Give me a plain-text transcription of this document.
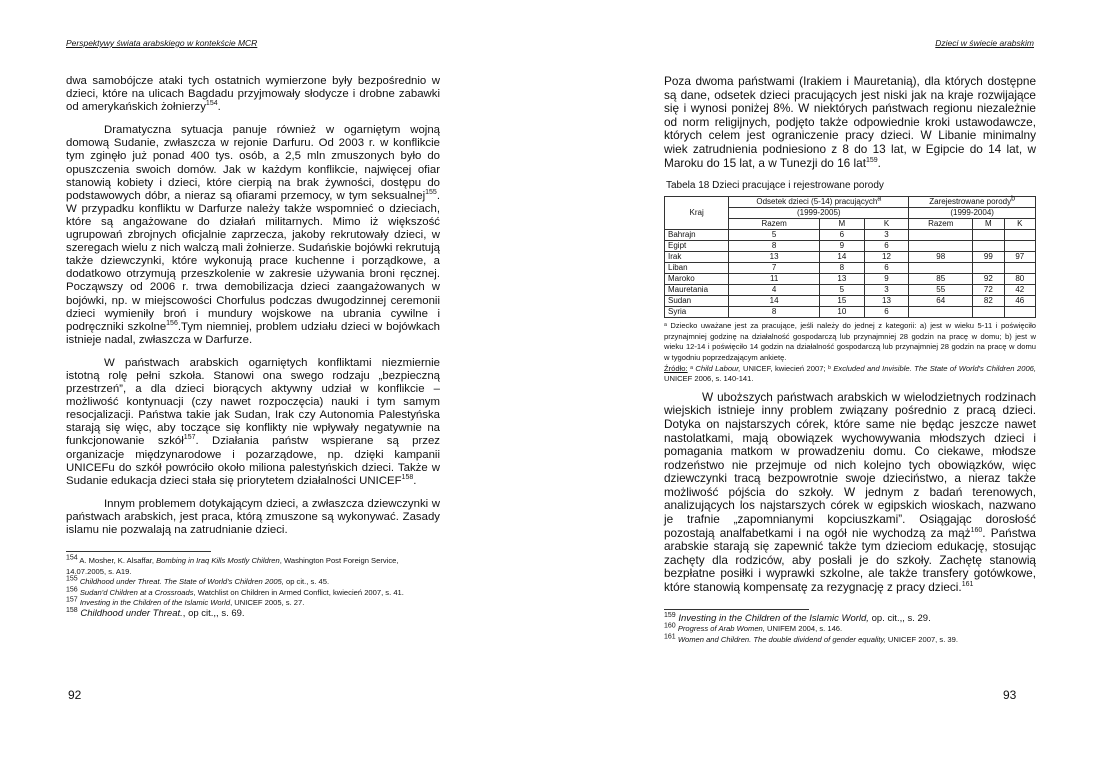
Perspektywy świata arabskiego w kontekście MCR

dwa samobójcze ataki tych ostatnich wymierzone były bezpośrednio w dzieci, które na ulicach Bagdadu przyjmowały słodycze i drobne zabawki od amerykańskich żołnierzy$^{154}$.

Dramatyczna sytuacja panuje również w ogarniętym wojną domową Sudanie, zwłaszcza w rejonie Darfuru. Od 2003 r. w konflikcie tym zginęło już ponad 400 tys. osób, a 2,5 mln zmuszonych było do opuszczenia swoich domów. Jak w każdym konflikcie, najwięcej ofiar stanowią kobiety i dzieci, które cierpią na brak żywności, dostępu do podstawowych dóbr, a nieraz są ofiarami przemocy, w tym seksualnej$^{155}$. W przypadku konfliktu w Darfurze należy także wspomnieć o dzieciach, które są angażowane do działań militarnych. Mimo iż większość ugrupowań zbrojnych oficjalnie zaprzecza, jakoby rekrutowały dzieci, w szeregach wielu z nich walczą mali żołnierze. Sudańskie bojówki rekrutują także dziewczynki, które wykonują prace kuchenne i porządkowe, a dodatkowo otrzymują przeszkolenie w zakresie używania broni ręcznej. Począwszy od 2006 r. trwa demobilizacja dzieci zaangażowanych w bojówki, np. w miejscowości Chorfulus podczas dwugodzinnej ceremonii dzieci wymieniły broń i mundury wojskowe na ubrania cywilne i podręczniki szkolne$^{156}$.Tym niemniej, problem udziału dzieci w bojówkach istnieje nadal, zwłaszcza w Darfurze.

W państwach arabskich ogarniętych konfliktami niezmiernie istotną rolę pełni szkoła. Stanowi ona swego rodzaju „bezpieczną przestrzeń”, a dla dzieci biorących aktywny udział w konflikcie – możliwość kontynuacji (czy nawet rozpoczęcia) nauki i tym samym resocjalizacji. Państwa takie jak Sudan, Irak czy Autonomia Palestyńska starają się więc, aby toczące się konflikty nie wpływały negatywnie na funkcjonowanie szkół$^{157}$. Działania państw wspierane są przez organizacje międzynarodowe i pozarządowe, np. dzięki kampanii UNICEFu do szkół powróciło około miliona palestyńskich dzieci. Także w Sudanie edukacja dzieci stała się priorytetem działalności UNICEF$^{158}$.

Innym problemem dotykającym dzieci, a zwłaszcza dziewczynki w państwach arabskich, jest praca, którą zmuszone są wykonywać. Zasady islamu nie pozwalają na zatrudnianie dzieci.

$^{154}$ A. Mosher, K. Alsaffar, Bombing in Iraq Kills Mostly Children, Washington Post Foreign Service, 14.07.2005, s. A19.

$^{155}$ Childhood under Threat. The State of World's Children 2005, op cit., s. 45.

$^{156}$ Sudan'd Children at a Crossroads, Watchlist on Children in Armed Conflict, kwiecień 2007, s. 41.

$^{157}$ Investing in the Children of the Islamic World, UNICEF 2005, s. 27.

$^{158}$ Childhood under Threat., op cit.,, s. 69.

92
Dzieci w świecie arabskim

Poza dwoma państwami (Irakiem i Mauretanią), dla których dostępne są dane, odsetek dzieci pracujących jest niski jak na kraje rozwijające się i wynosi poniżej 8%. W niektórych państwach regionu niezależnie od norm religijnych, podjęto także odpowiednie kroki ustawodawcze, których celem jest ograniczenie pracy dzieci. W Libanie minimalny wiek zatrudnienia podniesiono z 8 do 13 lat, w Egipcie do 14 lat, w Maroku do 15 lat, a w Tunezji do 16 lat$^{159}$.

Tabela 18 Dzieci pracujące i rejestrowane porody
Kraj	Odsetek dzieci (5-14) pracujących$^a$			Zarejestrowane porody$^b$
	(1999-2005)			(1999-2004)		
	Razem	M	K	Razem	M	K
Bahrajn	5	6	3			
Egipt	8	9	6			
Irak	13	14	12	98	99	97
Liban	7	8	6			
Maroko	11	13	9	85	92	80
Mauretania	4	5	3	55	72	42
Sudan	14	15	13	64	82	46
Syria	8	10	6			
ᵃ Dziecko uważane jest za pracujące, jeśli należy do jednej z kategorii: a) jest w wieku 5-11 i poświęciło przynajmniej godzinę na działalność gospodarczą lub przynajmniej 28 godzin na pracę w domu; b) jest w wieku 12-14 i poświęciło 14 godzin na działalność gospodarczą lub przynajmniej 28 godzin na pracę w domu w tygodniu poprzedzającym ankietę.
Źródło: ᵃ Child Labour, UNICEF, kwiecień 2007; ᵇ Excluded and Invisible. The State of World's Children 2006, UNICEF 2006, s. 140-141.

W uboższych państwach arabskich w wielodzietnych rodzinach wiejskich istnieje inny problem związany pośrednio z pracą dzieci. Dotyka on najstarszych córek, które same nie będąc jeszcze nawet nastolatkami, mają obowiązek wychowywania młodszych dzieci i pomagania matkom w prowadzeniu domu. Co ciekawe, młodsze rodzeństwo nie przejmuje od nich kolejno tych obowiązków, więc dziewczynki tracą bezpowrotnie swoje dzieciństwo, a nieraz także możliwość pójścia do szkoły. W jednym z badań terenowych, analizujących los najstarszych córek w egipskich wioskach, nazwano je trafnie „zapomnianymi kopciuszkami”. Osiągając dorosłość pozostają analfabetkami i na ogół nie wychodzą za mąż$^{160}$. Państwa arabskie starają się zapewnić także tym dzieciom edukację, stosując zachęty dla rodziców, aby posłali je do szkoły. Zachętę stanowią bezpłatne posiłki i wyprawki szkolne, ale także transfery gotówkowe, które stanowią kompensatę za rezygnację z pracy dzieci.$^{161}$

$^{159}$ Investing in the Children of the Islamic World, op. cit.,, s. 29.

$^{160}$ Progress of Arab Women, UNIFEM 2004, s. 146.

$^{161}$ Women and Children. The double dividend of gender equality, UNICEF 2007, s. 39.

93
